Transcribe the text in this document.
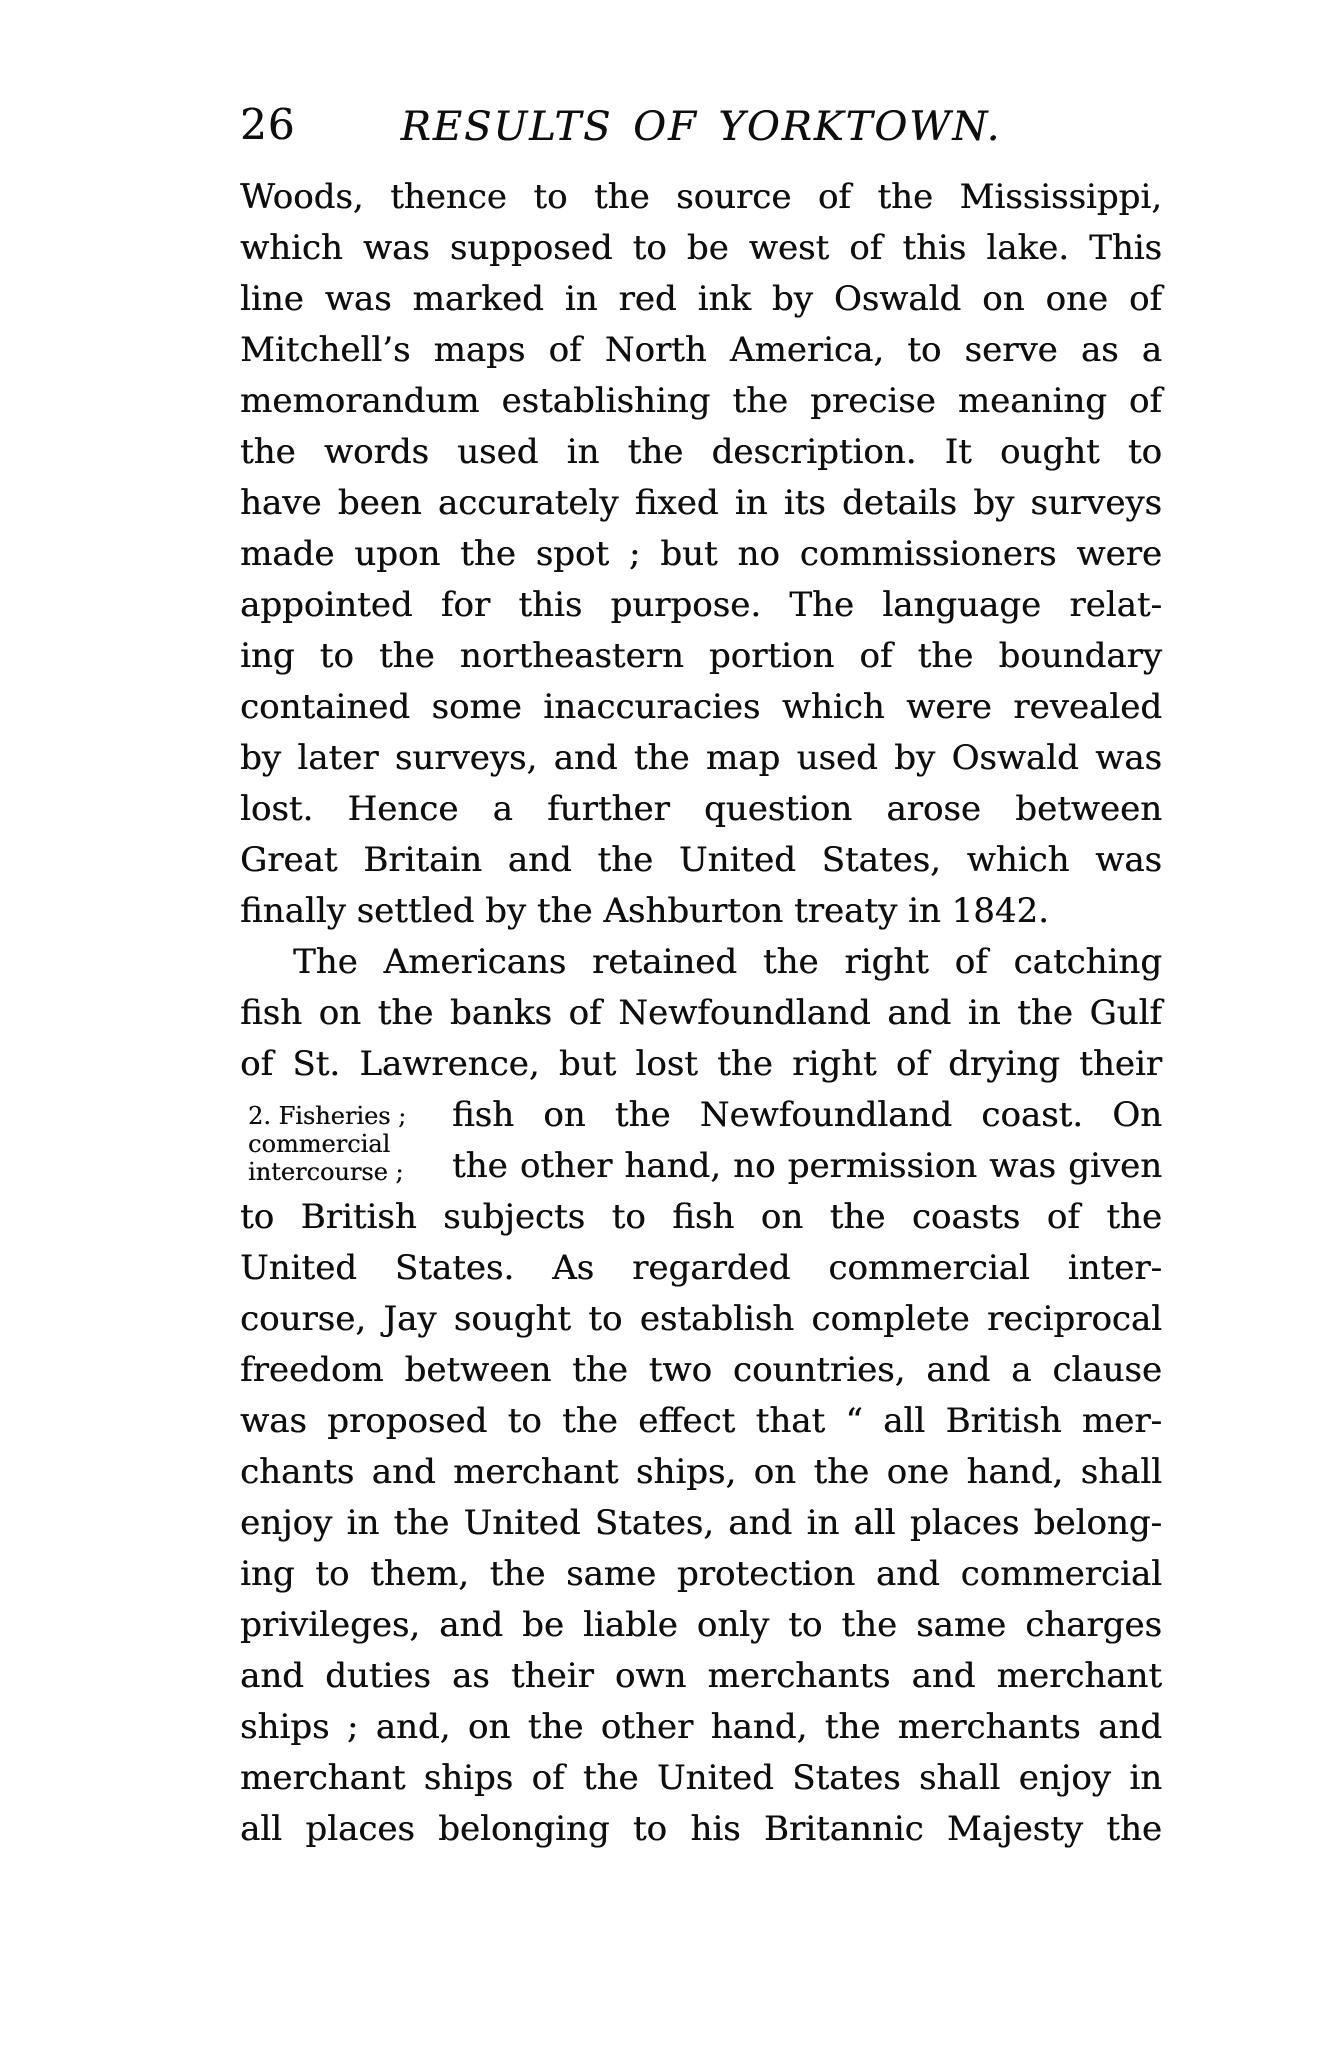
26	RESULTS OF YORKTOWN.
Woods, thence to the source of the Mississippi,
which was supposed to be west of this lake. This
line was marked in red ink by Oswald on one of
Mitchell’s maps of North America, to serve as a
memorandum establishing the precise meaning of
the words used in the description. It ought to
have been accurately fixed in its details by surveys
made upon the spot ; but no commissioners were
appointed for this purpose. The language relat-
ing to the northeastern portion of the boundary
contained some inaccuracies which were revealed
by later surveys, and the map used by Oswald was
lost. Hence a further question arose between
Great Britain and the United States, which was
finally settled by the Ashburton treaty in 1842.
The Americans retained the right of catching
fish on the banks of Newfoundland and in the Gulf
of St. Lawrence, but lost the right of drying their
fish on the Newfoundland coast. On
the other hand, no permission was given
to British subjects to fish on the coasts of the
United States. As regarded commercial inter-
course, Jay sought to establish complete reciprocal
freedom between the two countries, and a clause
was proposed to the effect that “ all British mer-
chants and merchant ships, on the one hand, shall
enjoy in the United States, and in all places belong-
ing to them, the same protection and commercial
privileges, and be liable only to the same charges
and duties as their own merchants and merchant
ships ; and, on the other hand, the merchants and
merchant ships of the United States shall enjoy in
all places belonging to his Britannic Majesty the
2. Fisheries ;
commercial
intercourse ;
